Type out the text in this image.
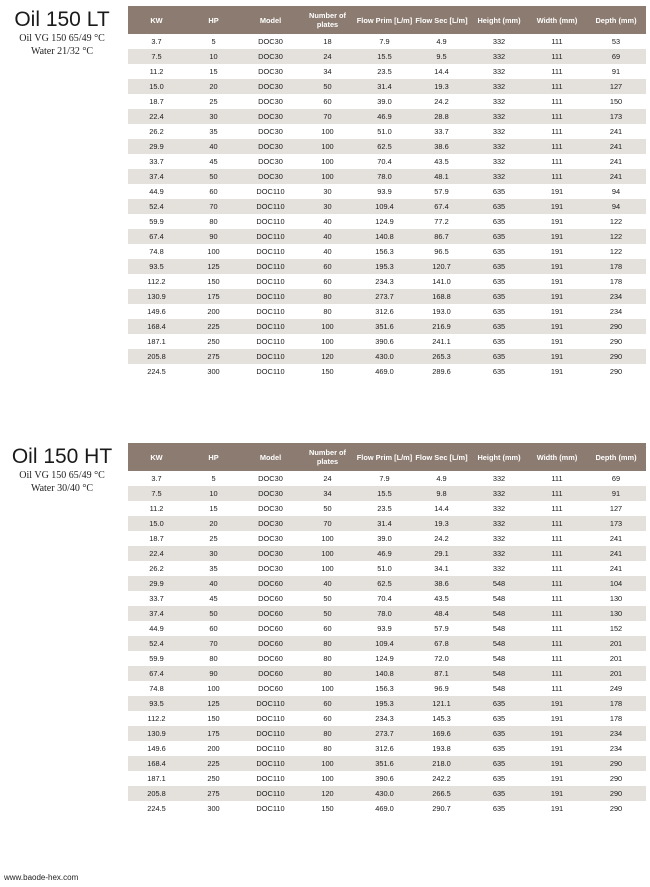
Oil 150 LT
Oil VG 150 65/49 °C
Water 21/32 °C
KW	HP	Model	Number of plates	Flow Prim [L/m]	Flow Sec [L/m]	Height (mm)	Width (mm)	Depth (mm)
3.7	5	DOC30	18	7.9	4.9	332	111	53
7.5	10	DOC30	24	15.5	9.5	332	111	69
11.2	15	DOC30	34	23.5	14.4	332	111	91
15.0	20	DOC30	50	31.4	19.3	332	111	127
18.7	25	DOC30	60	39.0	24.2	332	111	150
22.4	30	DOC30	70	46.9	28.8	332	111	173
26.2	35	DOC30	100	51.0	33.7	332	111	241
29.9	40	DOC30	100	62.5	38.6	332	111	241
33.7	45	DOC30	100	70.4	43.5	332	111	241
37.4	50	DOC30	100	78.0	48.1	332	111	241
44.9	60	DOC110	30	93.9	57.9	635	191	94
52.4	70	DOC110	30	109.4	67.4	635	191	94
59.9	80	DOC110	40	124.9	77.2	635	191	122
67.4	90	DOC110	40	140.8	86.7	635	191	122
74.8	100	DOC110	40	156.3	96.5	635	191	122
93.5	125	DOC110	60	195.3	120.7	635	191	178
112.2	150	DOC110	60	234.3	141.0	635	191	178
130.9	175	DOC110	80	273.7	168.8	635	191	234
149.6	200	DOC110	80	312.6	193.0	635	191	234
168.4	225	DOC110	100	351.6	216.9	635	191	290
187.1	250	DOC110	100	390.6	241.1	635	191	290
205.8	275	DOC110	120	430.0	265.3	635	191	290
224.5	300	DOC110	150	469.0	289.6	635	191	290
Oil 150 HT
Oil VG 150 65/49 °C
Water 30/40 °C
KW	HP	Model	Number of plates	Flow Prim [L/m]	Flow Sec [L/m]	Height (mm)	Width (mm)	Depth (mm)
3.7	5	DOC30	24	7.9	4.9	332	111	69
7.5	10	DOC30	34	15.5	9.8	332	111	91
11.2	15	DOC30	50	23.5	14.4	332	111	127
15.0	20	DOC30	70	31.4	19.3	332	111	173
18.7	25	DOC30	100	39.0	24.2	332	111	241
22.4	30	DOC30	100	46.9	29.1	332	111	241
26.2	35	DOC30	100	51.0	34.1	332	111	241
29.9	40	DOC60	40	62.5	38.6	548	111	104
33.7	45	DOC60	50	70.4	43.5	548	111	130
37.4	50	DOC60	50	78.0	48.4	548	111	130
44.9	60	DOC60	60	93.9	57.9	548	111	152
52.4	70	DOC60	80	109.4	67.8	548	111	201
59.9	80	DOC60	80	124.9	72.0	548	111	201
67.4	90	DOC60	80	140.8	87.1	548	111	201
74.8	100	DOC60	100	156.3	96.9	548	111	249
93.5	125	DOC110	60	195.3	121.1	635	191	178
112.2	150	DOC110	60	234.3	145.3	635	191	178
130.9	175	DOC110	80	273.7	169.6	635	191	234
149.6	200	DOC110	80	312.6	193.8	635	191	234
168.4	225	DOC110	100	351.6	218.0	635	191	290
187.1	250	DOC110	100	390.6	242.2	635	191	290
205.8	275	DOC110	120	430.0	266.5	635	191	290
224.5	300	DOC110	150	469.0	290.7	635	191	290
www.baode-hex.com
